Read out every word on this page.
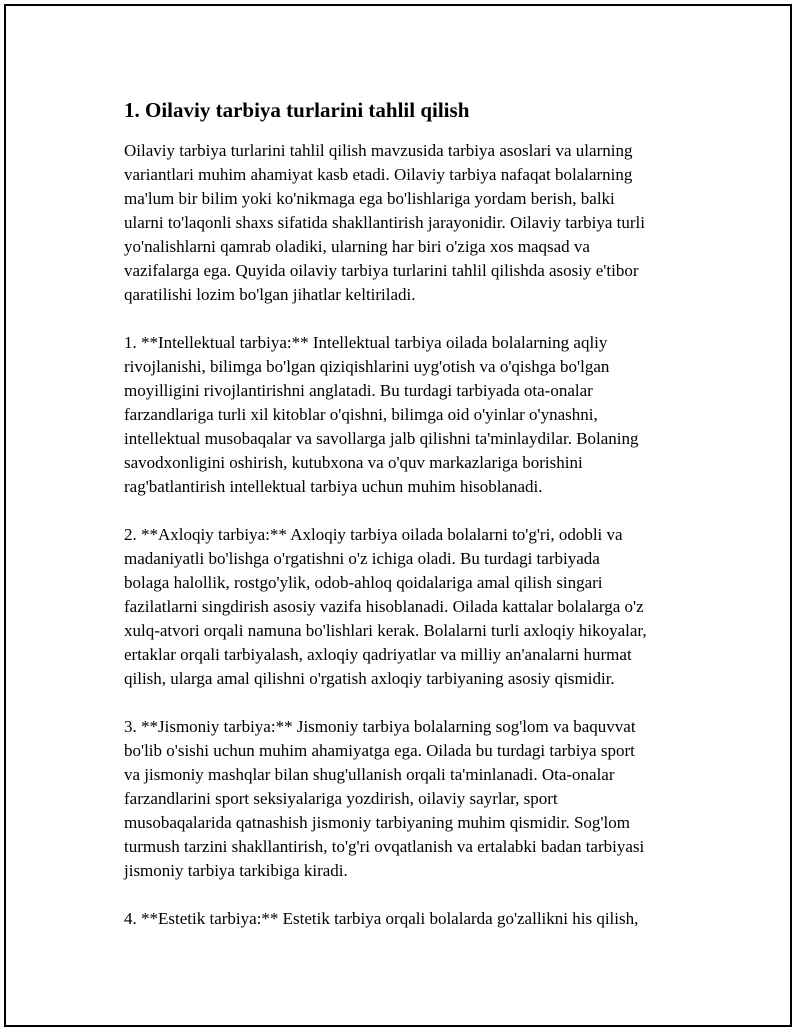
1. Oilaviy tarbiya turlarini tahlil qilish
Oilaviy tarbiya turlarini tahlil qilish mavzusida tarbiya asoslari va ularning
variantlari muhim ahamiyat kasb etadi. Oilaviy tarbiya nafaqat bolalarning
ma'lum bir bilim yoki ko'nikmaga ega bo'lishlariga yordam berish, balki
ularni to'laqonli shaxs sifatida shakllantirish jarayonidir. Oilaviy tarbiya turli
yo'nalishlarni qamrab oladiki, ularning har biri o'ziga xos maqsad va
vazifalarga ega. Quyida oilaviy tarbiya turlarini tahlil qilishda asosiy e'tibor
qaratilishi lozim bo'lgan jihatlar keltiriladi.
1. **Intellektual tarbiya:** Intellektual tarbiya oilada bolalarning aqliy
rivojlanishi, bilimga bo'lgan qiziqishlarini uyg'otish va o'qishga bo'lgan
moyilligini rivojlantirishni anglatadi. Bu turdagi tarbiyada ota-onalar
farzandlariga turli xil kitoblar o'qishni, bilimga oid o'yinlar o'ynashni,
intellektual musobaqalar va savollarga jalb qilishni ta'minlaydilar. Bolaning
savodxonligini oshirish, kutubxona va o'quv markazlariga borishini
rag'batlantirish intellektual tarbiya uchun muhim hisoblanadi.
2. **Axloqiy tarbiya:** Axloqiy tarbiya oilada bolalarni to'g'ri, odobli va
madaniyatli bo'lishga o'rgatishni o'z ichiga oladi. Bu turdagi tarbiyada
bolaga halollik, rostgo'ylik, odob-ahloq qoidalariga amal qilish singari
fazilatlarni singdirish asosiy vazifa hisoblanadi. Oilada kattalar bolalarga o'z
xulq-atvori orqali namuna bo'lishlari kerak. Bolalarni turli axloqiy hikoyalar,
ertaklar orqali tarbiyalash, axloqiy qadriyatlar va milliy an'analarni hurmat
qilish, ularga amal qilishni o'rgatish axloqiy tarbiyaning asosiy qismidir.
3. **Jismoniy tarbiya:** Jismoniy tarbiya bolalarning sog'lom va baquvvat
bo'lib o'sishi uchun muhim ahamiyatga ega. Oilada bu turdagi tarbiya sport
va jismoniy mashqlar bilan shug'ullanish orqali ta'minlanadi. Ota-onalar
farzandlarini sport seksiyalariga yozdirish, oilaviy sayrlar, sport
musobaqalarida qatnashish jismoniy tarbiyaning muhim qismidir. Sog'lom
turmush tarzini shakllantirish, to'g'ri ovqatlanish va ertalabki badan tarbiyasi
jismoniy tarbiya tarkibiga kiradi.
4. **Estetik tarbiya:** Estetik tarbiya orqali bolalarda go'zallikni his qilish,
